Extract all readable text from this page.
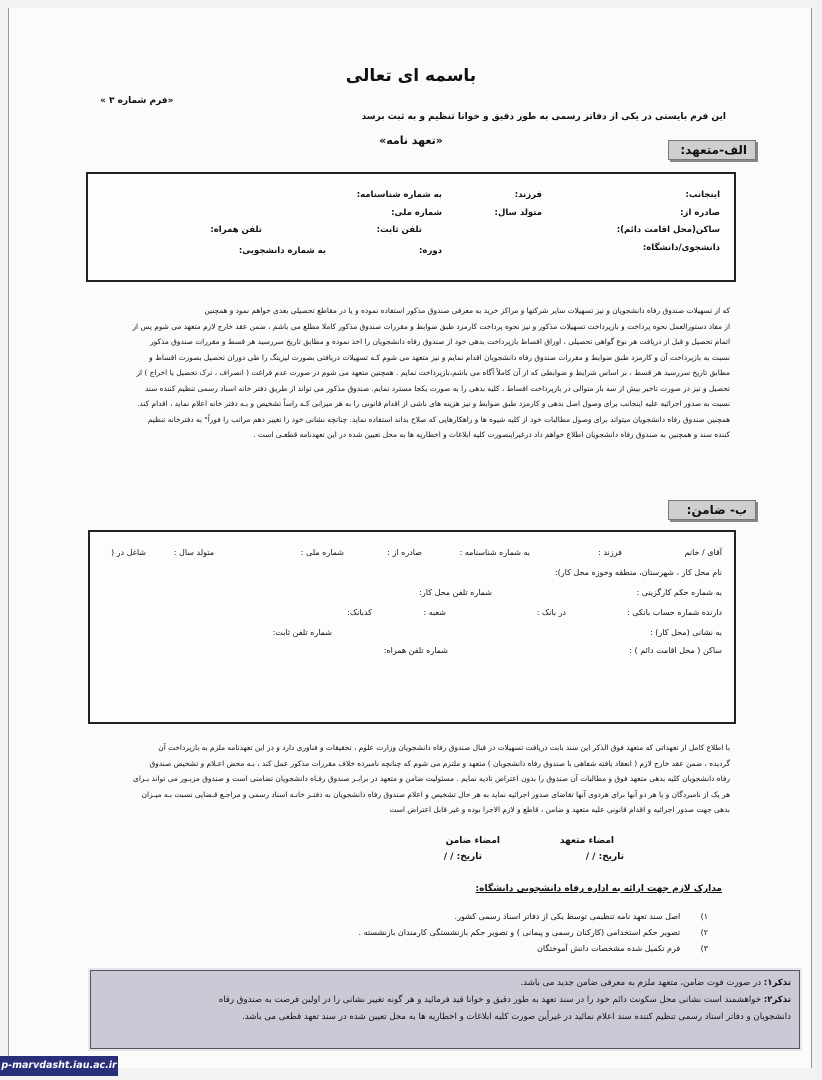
باسمه ای تعالی
«فرم شماره ۳ »
این فرم بایستی در یکی از دفاتر رسمی به طور دقیق و خوانا تنظیم و به ثبت برسد
«تعهد نامه»
الف-متعهد:
اینجانب:
فرزند:
به شماره شناسنامه:
صادره از:
متولد سال:
شماره ملی:
ساکن(محل اقامت دائم):
تلفن ثابت:
تلفن همراه:
دانشجوی/دانشگاه:
دوره:
به شماره دانشجویی:
که از تسهیلات صندوق رفاه دانشجویان و نیز تسهیلات سایر شرکتها و مراکز خرید به معرفی صندوق مذکور استفاده نموده و یا در مقاطع تحصیلی بعدی خواهم نمود و همچنین
از مفاد دستورالعمل نحوه پرداخت و بازپرداخت تسهیلات مذکور و نیز نحوه پرداخت کارمزد طبق ضوابط و مقررات صندوق مذکور کاملا مطلع می باشم ، ضمن عقد خارج لازم متعهد می شوم پس از
اتمام تحصیل و قبل از دریافت هر نوع گواهی تحصیلی ، اوراق اقساط بازپرداخت بدهی خود از صندوق رفاه دانشجویان را اخذ نموده و مطابق تاریخ سررسید هر قسط و مقررات صندوق مذکور
نسبت به بازپرداخت آن و کارمزد طبق ضوابط و مقررات صندوق رفاه دانشجویان اقدام نمایم و نیز متعهد می شوم کـه تسهیلات دریافتی بصورت لیزینگ را طی دوران تحصیل بصورت اقساط و
مطابق تاریخ سررسید هر قسط ، بر اساس شرایط و ضوابطی که از آن کاملاً آگاه می باشم،بازپرداخت نمایم . همچنین متعهد می شوم در صورت عدم فراغت ( انصراف ، ترک تحصیل یا اخراج ) از
تحصیل و نیز در صورت تاخیر بیش از سه بار متوالی در بازپرداخت اقساط ، کلیه بدهی را به صورت یکجا مسترد نمایم. صندوق مذکور می تواند از طریق دفتر خانه اسناد رسمی تنظیم کننده سند
نسبت به صدور اجرائیه علیه اینجانب برای وصول اصل بدهی و کارمزد طبق ضوابط و نیز هزینه های ناشی از اقدام قانونی را به هر میزانی کـه راساً تشخیص و بـه دفتر خانه اعلام نماید ، اقدام کند.
همچنین صندوق رفاه دانشجویان میتواند برای وصول مطالبات خود از کلیه شیوه ها و راهکارهایی که صلاح بداند استفاده نماید. چنانچه نشانی خود را تغییر دهم مراتب را فوراً" به دفترخانه تنظیم
کننده سند و همچنین به صندوق رفاه دانشجویان اطلاع خواهم داد درغیراینصورت کلیه ابلاغات و اخطاریه ها به محل تعیین شده در این تعهدنامه قطعـی است .
ب- ضامن:
آقای / خانم
فرزند :
به شماره شناسنامه :
صادره از :
شماره ملی :
متولد سال :
شاغل در (
نام محل کار ، شهرستان، منطقه وحوزه محل کار):
به شماره حکم کارگزینی :
شماره تلفن محل کار:
دارنده شماره حساب بانکی :
در بانک :
شعبه :
کدبانک:
به نشانی (محل کار) :
شماره تلفن ثابت:
ساکن ( محل اقامت دائم ) :
شماره تلفن همراه:
با اطلاع کامل از تعهداتی که متعهد فوق الذکر این سند بابت دریافت تسهیلات در قبال صندوق رفاه دانشجویان وزارت علوم ، تحقیقات و فناوری دارد و در این تعهدنامه ملزم به بازپرداخت آن
گردیده ، ضمن عقد خارج لازم ( انعقاد یافته شفاهی با صندوق رفاه دانشجویان ) متعهد و ملتزم می شوم که چنانچه نامبرده خلاف مقررات مذکور عمل کند ، بـه محض اعـلام و تشخیص صندوق
رفاه دانشجویان کلیه بدهی متعهد فوق و مطالبات آن صندوق را بدون اعتراض تادیه نمایم . مسئولیت ضامن و متعهد در برابـر صندوق رفـاه دانشجویان تضامنی است و صندوق مزبـور می تواند بـرای
هر یک از نامبردگان و یا هر دو آنها برای هردوی آنها تقاضای صدور اجرائیه نماید به هر حال تشخیص و اعلام صندوق رفاه دانشجویان به دفتـر خانـه اسناد رسمی و مراجـع قـضایی نسبت بـه میـزان
بدهی جهت صدور اجرائیه و اقدام قانونی علیه متعهد و ضامن ، قاطع و لازم الاجرا بوده و غیر قابل اعتراض است
امضاء متعهد
امضاء ضامن
تاریخ: / /
تاریخ: / /
مدارک لازم جهت ارائه به اداره رفاه دانشجویی دانشگاه:
۱)        اصل سند تعهد نامه تنظیمی توسط یکی از دفاتر اسناد رسمی کشور.
۲)        تصویر حکم استخدامی (کارکنان رسمی و پیمانی ) و تصویر حکم بازنشستگی کارمندان بازنشسته .
۳)        فرم تکمیل شده مشخصات دانش آموختگان
تذکر۱: در صورت فوت ضامن، متعهد ملزم به معرفی ضامن جدید می باشد.
تذکر۲: خواهشمند است نشانی محل سکونت دائم خود را در سند تعهد به طور دقیق و خوانا قید فرمائید و هر گونه تغییر نشانی را در اولین فرصت به صندوق رفاه
دانشجویان و دفاتر اسناد رسمی تنظیم کننده سند اعلام نمائید در غیرأین صورت کلیه ابلاغات و اخطاریه ها به محل تعیین شده در سند تعهد قطعی می باشد.
p-marvdasht.iau.ac.ir
